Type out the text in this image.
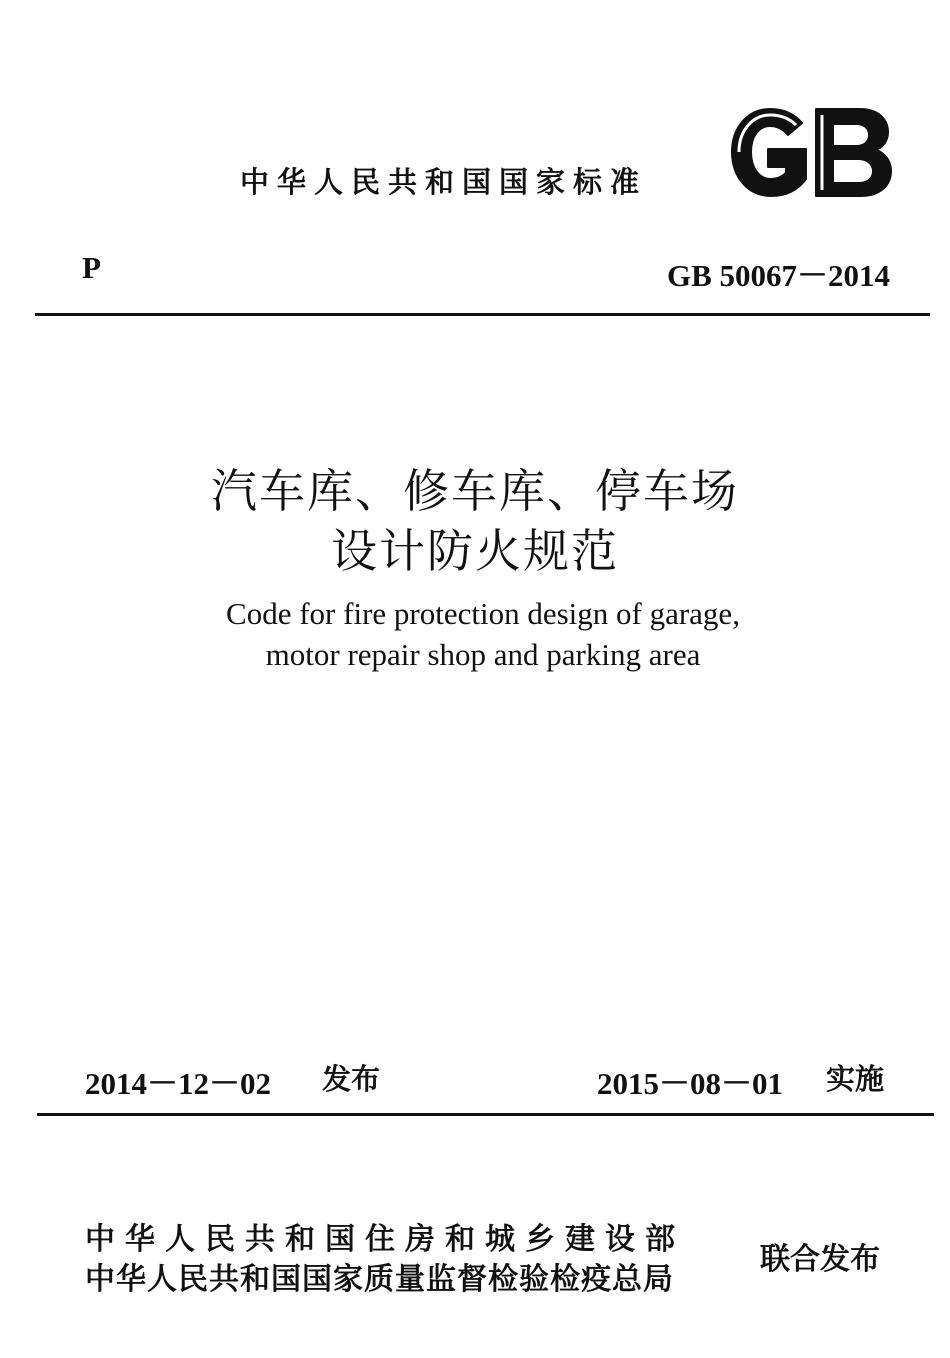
中华人民共和国国家标准
P	GB 50067－2014
汽车库、修车库、停车场
设计防火规范
Code for fire protection design of garage,
motor repair shop and parking area
2014－12－02 发布	2015－08－01 实施
中华人民共和国住房和城乡建设部
中华人民共和国国家质量监督检验检疫总局
联合发布
